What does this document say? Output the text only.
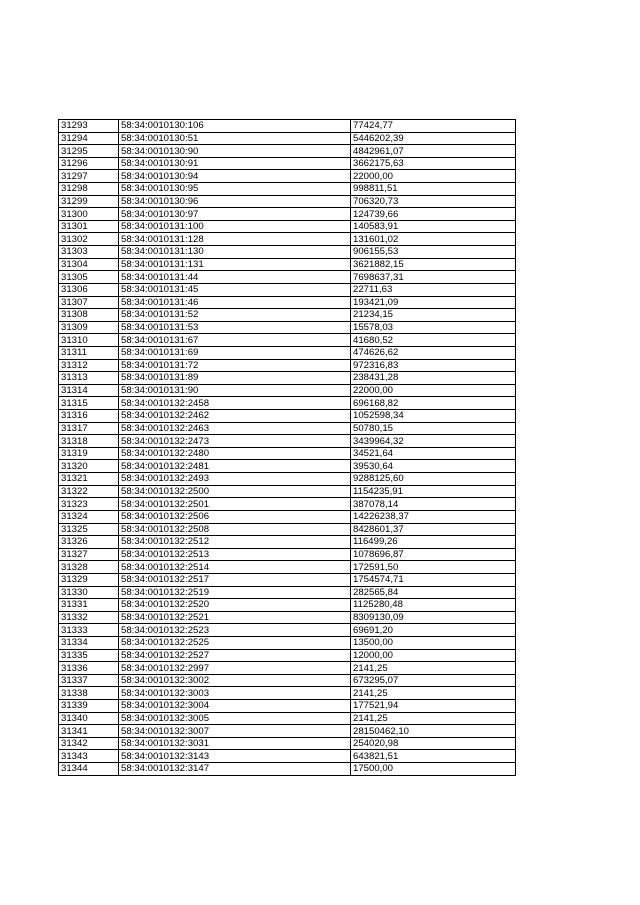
31293	58:34:0010130:106	77424,77
31294	58:34:0010130:51	5446202,39
31295	58:34:0010130:90	4842961,07
31296	58:34:0010130:91	3662175,63
31297	58:34:0010130:94	22000,00
31298	58:34:0010130:95	998811,51
31299	58:34:0010130:96	706320,73
31300	58:34:0010130:97	124739,66
31301	58:34:0010131:100	140583,91
31302	58:34:0010131:128	131601,02
31303	58:34:0010131:130	906155,53
31304	58:34:0010131:131	3621882,15
31305	58:34:0010131:44	7698637,31
31306	58:34:0010131:45	22711,63
31307	58:34:0010131:46	193421,09
31308	58:34:0010131:52	21234,15
31309	58:34:0010131:53	15578,03
31310	58:34:0010131:67	41680,52
31311	58:34:0010131:69	474626,62
31312	58:34:0010131:72	972316,83
31313	58:34:0010131:89	238431,28
31314	58:34:0010131:90	22000,00
31315	58:34:0010132:2458	696168,82
31316	58:34:0010132:2462	1052598,34
31317	58:34:0010132:2463	50780,15
31318	58:34:0010132:2473	3439964,32
31319	58:34:0010132:2480	34521,64
31320	58:34:0010132:2481	39530,64
31321	58:34:0010132:2493	9288125,60
31322	58:34:0010132:2500	1154235,91
31323	58:34:0010132:2501	387078,14
31324	58:34:0010132:2506	14226238,37
31325	58:34:0010132:2508	8428601,37
31326	58:34:0010132:2512	116499,26
31327	58:34:0010132:2513	1078696,87
31328	58:34:0010132:2514	172591,50
31329	58:34:0010132:2517	1754574,71
31330	58:34:0010132:2519	282565,84
31331	58:34:0010132:2520	1125280,48
31332	58:34:0010132:2521	8309130,09
31333	58:34:0010132:2523	69691,20
31334	58:34:0010132:2525	13500,00
31335	58:34:0010132:2527	12000,00
31336	58:34:0010132:2997	2141,25
31337	58:34:0010132:3002	673295,07
31338	58:34:0010132:3003	2141,25
31339	58:34:0010132:3004	177521,94
31340	58:34:0010132:3005	2141,25
31341	58:34:0010132:3007	28150462,10
31342	58:34:0010132:3031	254020,98
31343	58:34:0010132:3143	643821,51
31344	58:34:0010132:3147	17500,00
